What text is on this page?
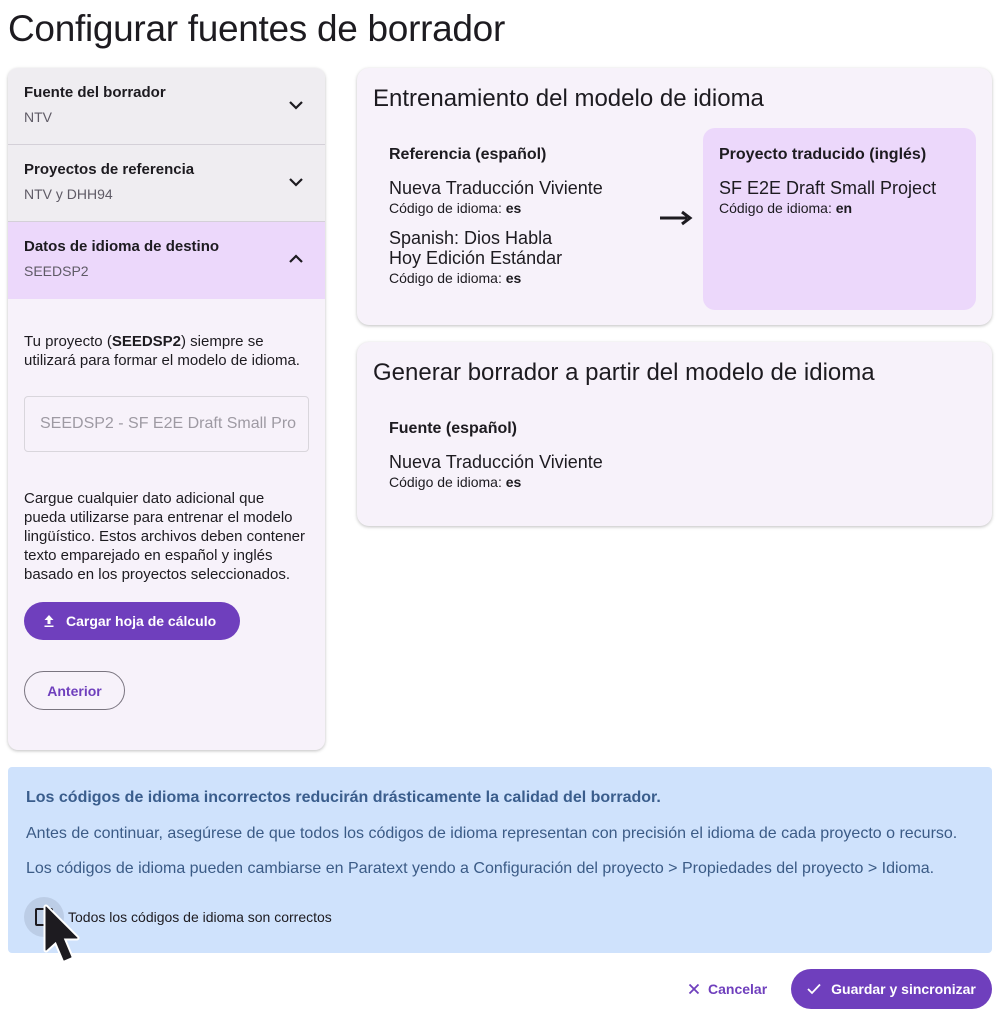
Configurar fuentes de borrador
Fuente del borrador
NTV
Proyectos de referencia
NTV y DHH94
Datos de idioma de destino
SEEDSP2

Tu proyecto (SEEDSP2) siempre se utilizará para formar el modelo de idioma.

SEEDSP2 - SF E2E Draft Small Pro

Cargue cualquier dato adicional que pueda utilizarse para entrenar el modelo lingüístico. Estos archivos deben contener texto emparejado en español y inglés basado en los proyectos seleccionados.

Cargar hoja de cálculo
Anterior
Entrenamiento del modelo de idioma
Referencia (español)
Nueva Traducción Viviente
Código de idioma: es
Spanish: Dios Habla Hoy Edición Estándar
Código de idioma: es
Proyecto traducido (inglés)
SF E2E Draft Small Project
Código de idioma: en
Generar borrador a partir del modelo de idioma
Fuente (español)
Nueva Traducción Viviente
Código de idioma: es
Los códigos de idioma incorrectos reducirán drásticamente la calidad del borrador.
Antes de continuar, asegúrese de que todos los códigos de idioma representan con precisión el idioma de cada proyecto o recurso.
Los códigos de idioma pueden cambiarse en Paratext yendo a Configuración del proyecto > Propiedades del proyecto > Idioma.
Todos los códigos de idioma son correctos
Cancelar	Guardar y sincronizar
